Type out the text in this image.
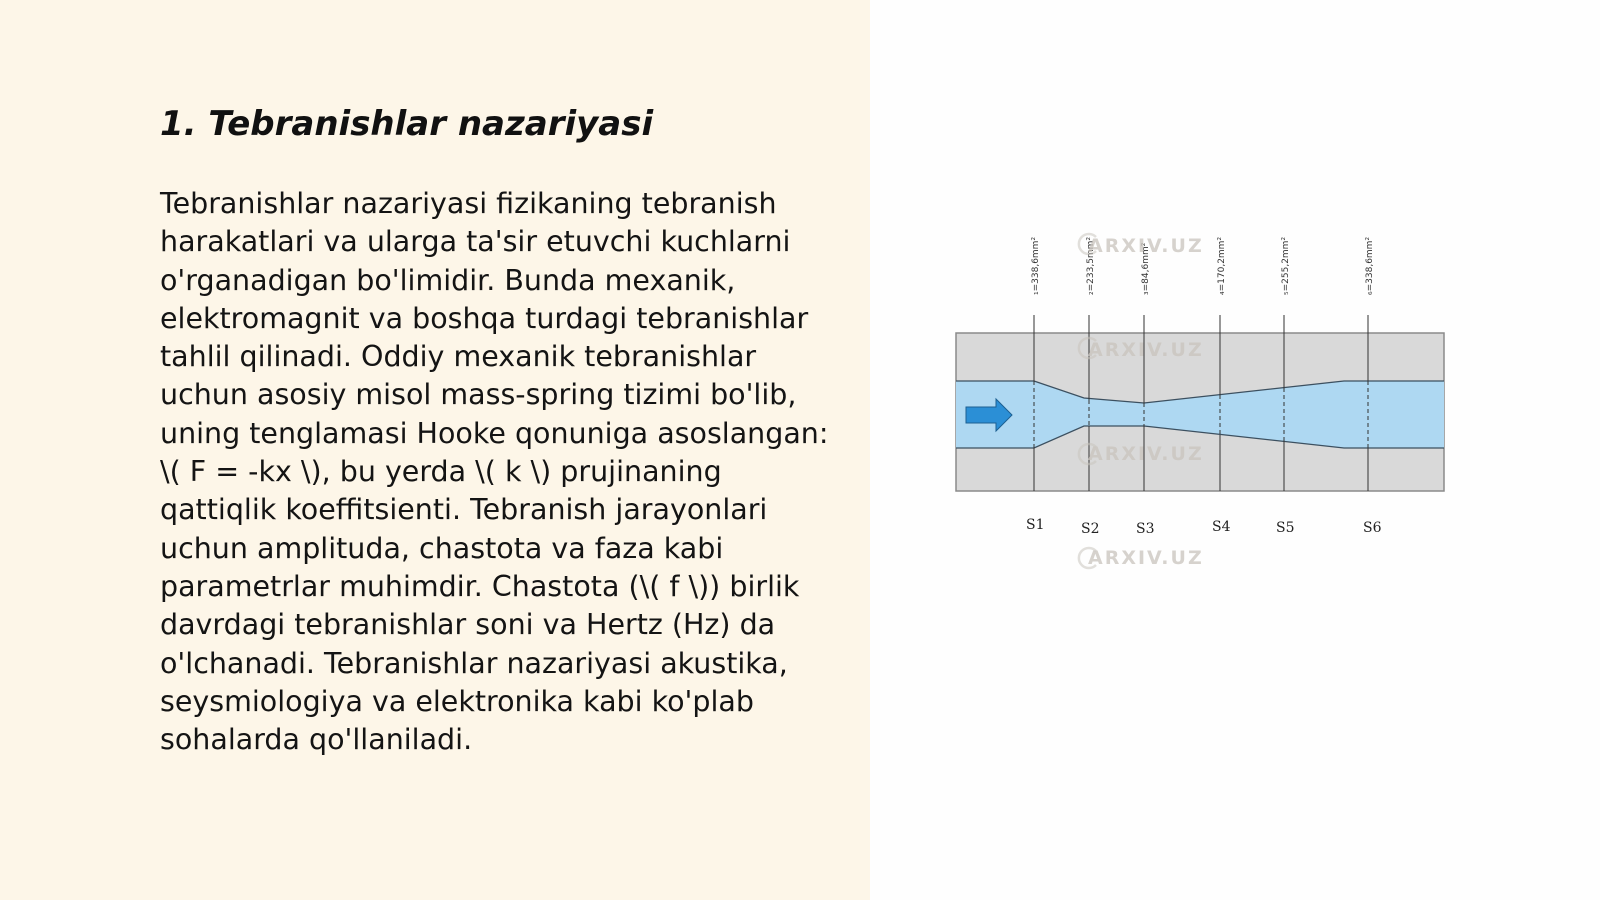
1. Tebranishlar nazariyasi

Tebranishlar nazariyasi fizikaning tebranish harakatlari va ularga ta'sir etuvchi kuchlarni o'rganadigan bo'limidir. Bunda mexanik, elektromagnit va boshqa turdagi tebranishlar tahlil qilinadi. Oddiy mexanik tebranishlar uchun asosiy misol mass-spring tizimi bo'lib, uning tenglamasi Hooke qonuniga asoslangan: \( F = -kx \), bu yerda \( k \) prujinaning qattiqlik koeffitsienti. Tebranish jarayonlari uchun amplituda, chastota va faza kabi parametrlar muhimdir. Chastota (\( f \)) birlik davrdagi tebranishlar soni va Hertz (Hz) da o'lchanadi. Tebranishlar nazariyasi akustika, seysmiologiya va elektronika kabi ko'plab sohalarda qo'llaniladi.

₁=338,6mm²	₂=233,5mm²	₃=84,6mm²	₄=170,2mm²	₅=255,2mm²	₆=338,6mm²
S1	S2	S3	S4	S5	S6
ARXIV.UZ
ARXIV.UZ
ARXIV.UZ
ARXIV.UZ
